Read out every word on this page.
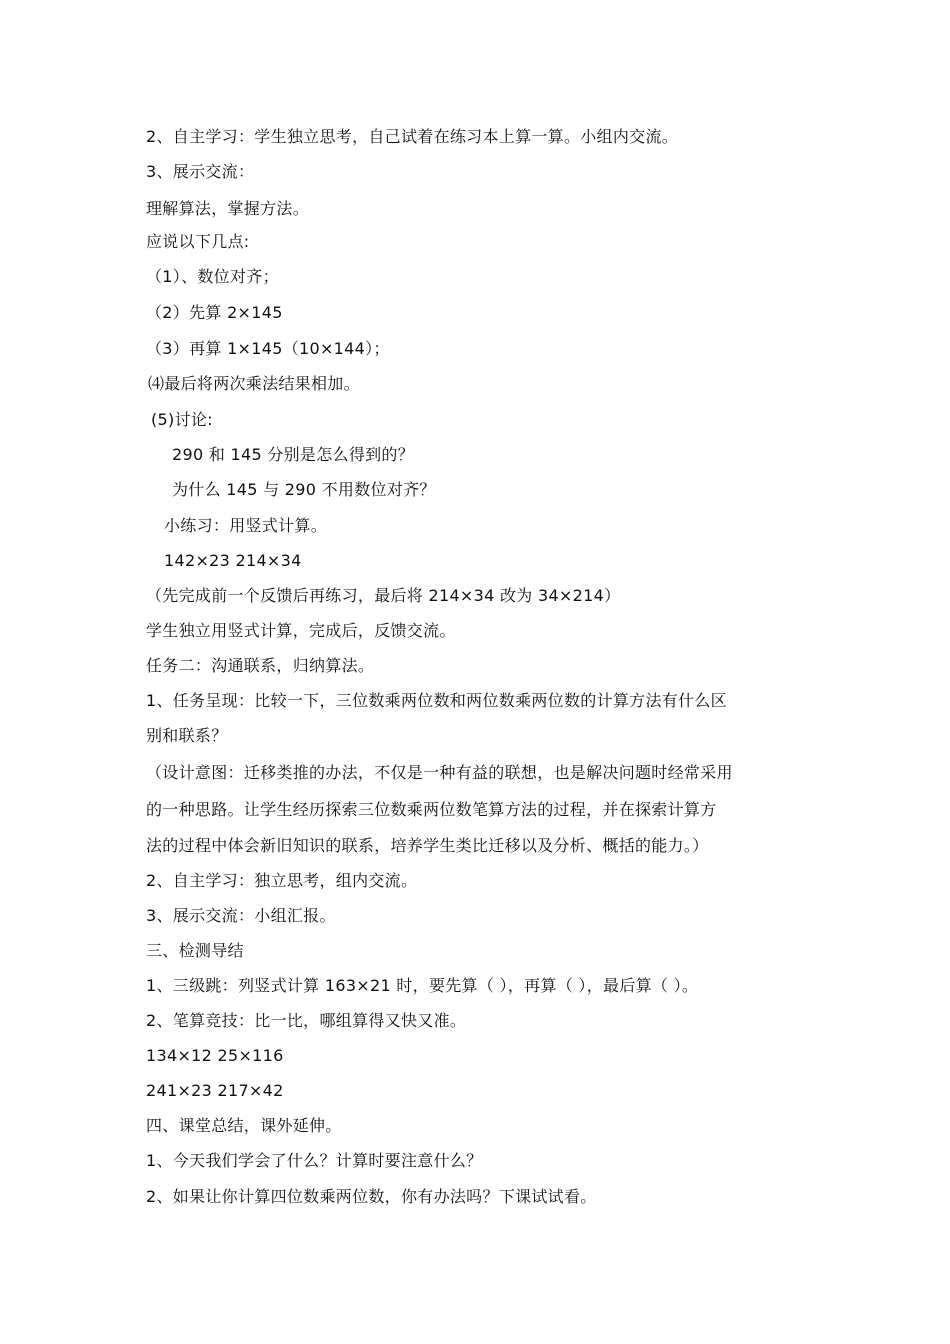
2、自主学习：学生独立思考，自己试着在练习本上算一算。小组内交流。
3、展示交流：
理解算法，掌握方法。
应说以下几点:
（1）、数位对齐；
（2）先算 2×145
（3）再算 1×145（10×144）；
⑷最后将两次乘法结果相加。
(5)讨论:
290 和 145 分别是怎么得到的？
为什么 145 与 290 不用数位对齐？
小练习：用竖式计算。
142×23 214×34
（先完成前一个反馈后再练习，最后将 214×34 改为 34×214）
学生独立用竖式计算，完成后，反馈交流。
任务二：沟通联系，归纳算法。
1、任务呈现：比较一下，三位数乘两位数和两位数乘两位数的计算方法有什么区
别和联系？
（设计意图：迁移类推的办法，不仅是一种有益的联想，也是解决问题时经常采用
的一种思路。让学生经历探索三位数乘两位数笔算方法的过程，并在探索计算方
法的过程中体会新旧知识的联系，培养学生类比迁移以及分析、概括的能力。）
2、自主学习：独立思考，组内交流。
3、展示交流：小组汇报。
三、检测导结
1、三级跳：列竖式计算 163×21 时，要先算（ ），再算（ ），最后算（ ）。
2、笔算竞技：比一比，哪组算得又快又准。
134×12 25×116
241×23 217×42
四、课堂总结，课外延伸。
1、今天我们学会了什么？计算时要注意什么？
2、如果让你计算四位数乘两位数，你有办法吗？下课试试看。
